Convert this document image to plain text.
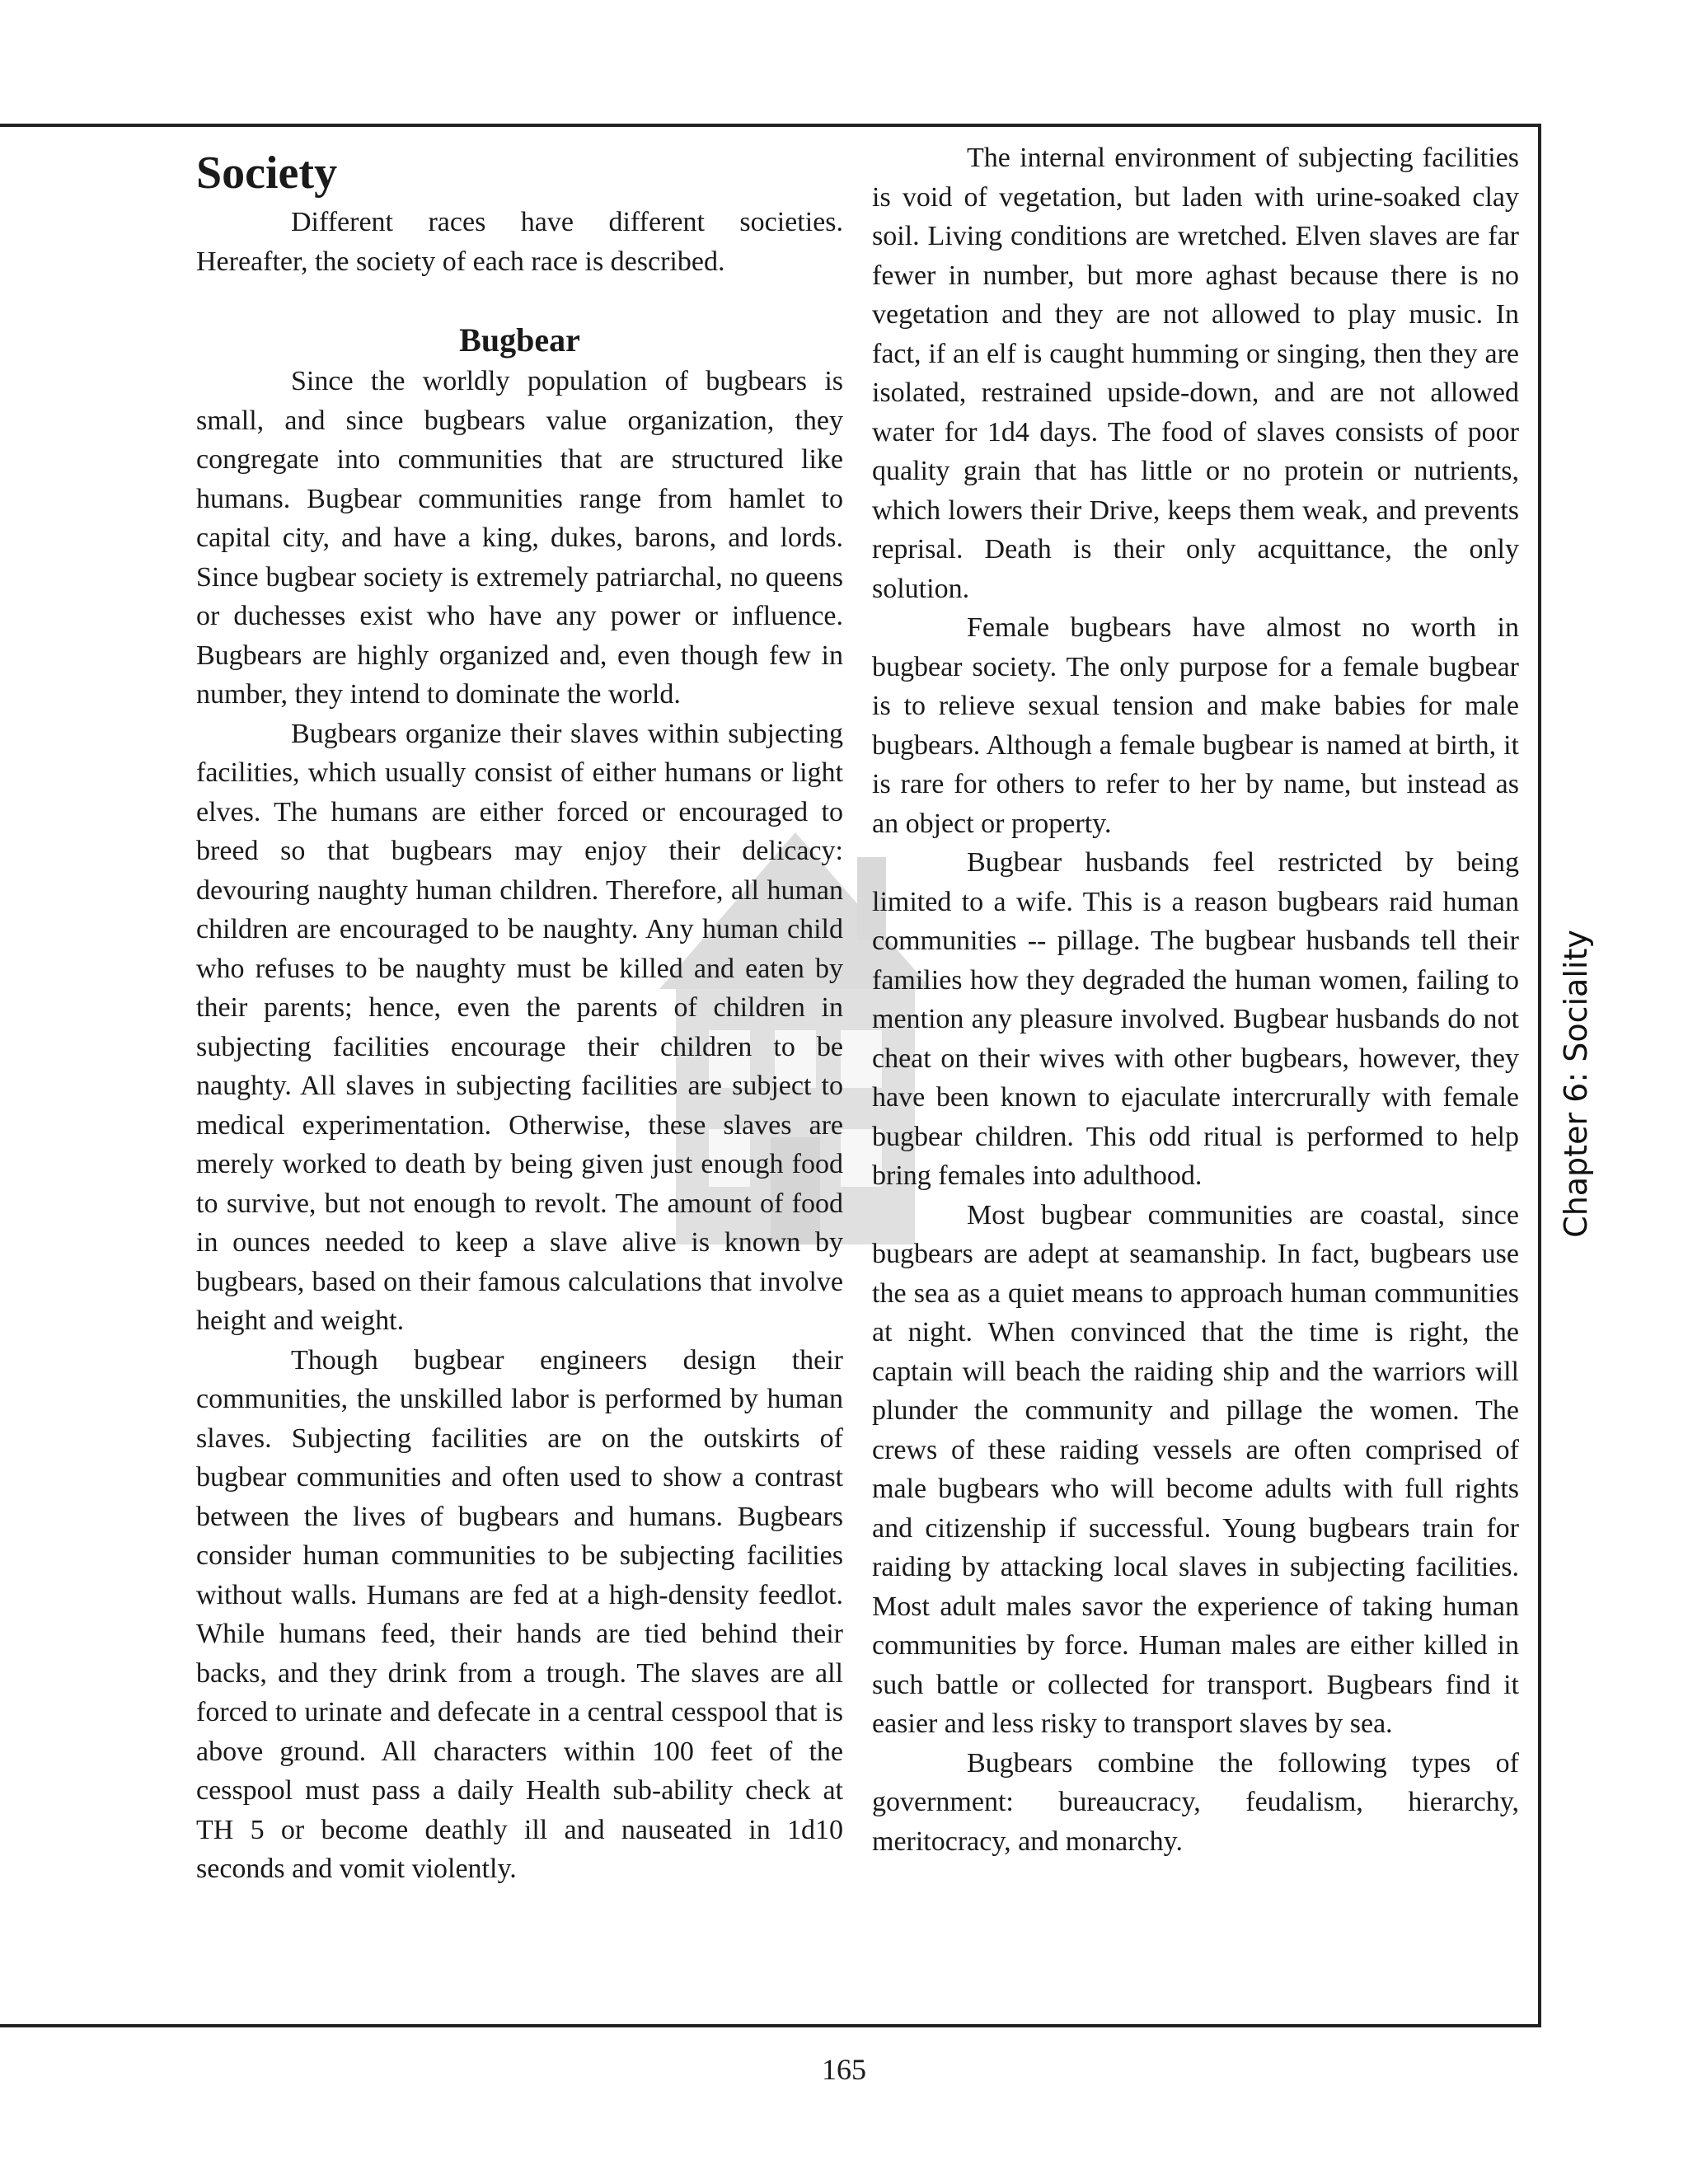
Society

Different races have different societies. Hereafter, the society of each race is described.

Bugbear

Since the worldly population of bugbears is small, and since bugbears value organization, they congregate into communities that are structured like humans. Bugbear communities range from hamlet to capital city, and have a king, dukes, barons, and lords. Since bugbear society is extremely patriarchal, no queens or duchesses exist who have any power or influence. Bugbears are highly organized and, even though few in number, they intend to dominate the world.

Bugbears organize their slaves within subjecting facilities, which usually consist of either humans or light elves. The humans are either forced or encouraged to breed so that bugbears may enjoy their delicacy: devouring naughty human children. Therefore, all human children are encouraged to be naughty. Any human child who refuses to be naughty must be killed and eaten by their parents; hence, even the parents of children in subjecting facilities encourage their children to be naughty. All slaves in subjecting facilities are subject to medical experimentation. Otherwise, these slaves are merely worked to death by being given just enough food to survive, but not enough to revolt. The amount of food in ounces needed to keep a slave alive is known by bugbears, based on their famous calculations that involve height and weight.

Though bugbear engineers design their communities, the unskilled labor is performed by human slaves. Subjecting facilities are on the outskirts of bugbear communities and often used to show a contrast between the lives of bugbears and humans. Bugbears consider human communities to be subjecting facilities without walls. Humans are fed at a high-density feedlot. While humans feed, their hands are tied behind their backs, and they drink from a trough. The slaves are all forced to urinate and defecate in a central cesspool that is above ground. All characters within 100 feet of the cesspool must pass a daily Health sub-ability check at TH 5 or become deathly ill and nauseated in 1d10 seconds and vomit violently.

The internal environment of subjecting facilities is void of vegetation, but laden with urine-soaked clay soil. Living conditions are wretched. Elven slaves are far fewer in number, but more aghast because there is no vegetation and they are not allowed to play music. In fact, if an elf is caught humming or singing, then they are isolated, restrained upside-down, and are not allowed water for 1d4 days. The food of slaves consists of poor quality grain that has little or no protein or nutrients, which lowers their Drive, keeps them weak, and prevents reprisal. Death is their only acquittance, the only solution.

Female bugbears have almost no worth in bugbear society. The only purpose for a female bugbear is to relieve sexual tension and make babies for male bugbears. Although a female bugbear is named at birth, it is rare for others to refer to her by name, but instead as an object or property.

Bugbear husbands feel restricted by being limited to a wife. This is a reason bugbears raid human communities -- pillage. The bugbear husbands tell their families how they degraded the human women, failing to mention any pleasure involved. Bugbear husbands do not cheat on their wives with other bugbears, however, they have been known to ejaculate intercrurally with female bugbear children. This odd ritual is performed to help bring females into adulthood.

Most bugbear communities are coastal, since bugbears are adept at seamanship. In fact, bugbears use the sea as a quiet means to approach human communities at night. When convinced that the time is right, the captain will beach the raiding ship and the warriors will plunder the community and pillage the women. The crews of these raiding vessels are often comprised of male bugbears who will become adults with full rights and citizenship if successful. Young bugbears train for raiding by attacking local slaves in subjecting facilities. Most adult males savor the experience of taking human communities by force. Human males are either killed in such battle or collected for transport. Bugbears find it easier and less risky to transport slaves by sea.

Bugbears combine the following types of government: bureaucracy, feudalism, hierarchy, meritocracy, and monarchy.

Chapter 6: Sociality
165
